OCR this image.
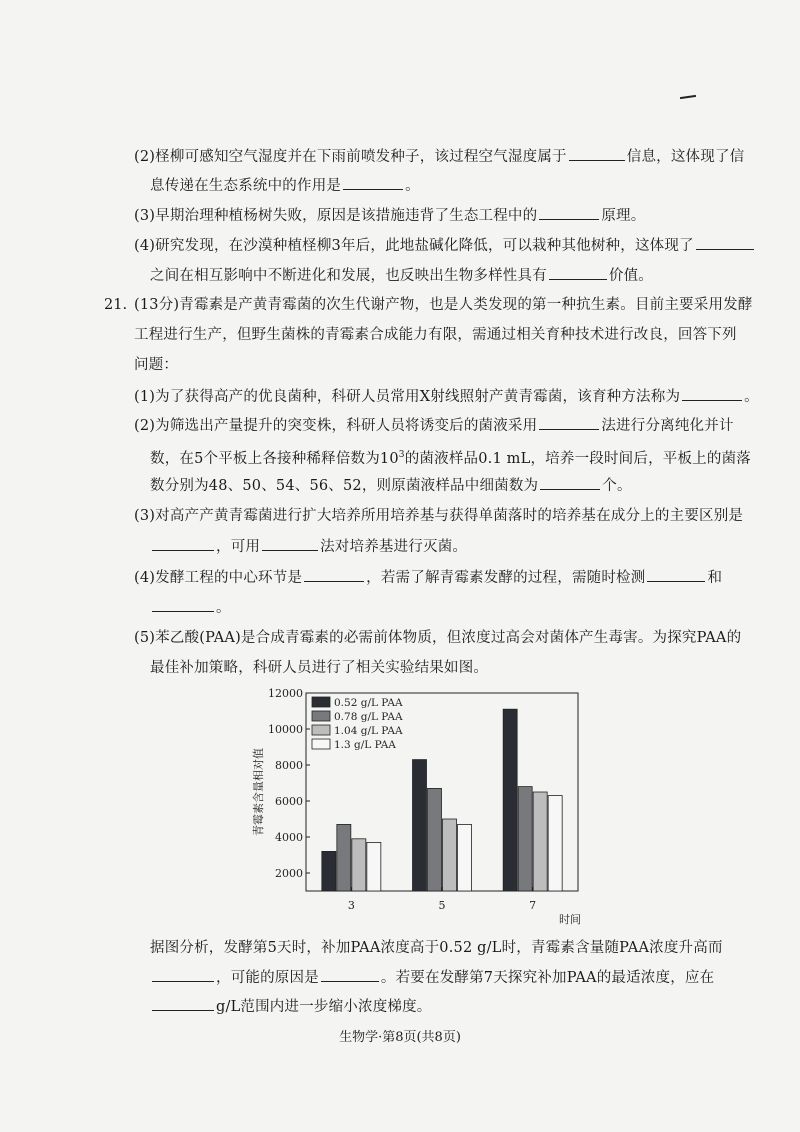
(2)柽柳可感知空气湿度并在下雨前喷发种子，该过程空气湿度属于	信息，这体现了信
息传递在生态系统中的作用是	。
(3)早期治理种植杨树失败，原因是该措施违背了生态工程中的	原理。
(4)研究发现，在沙漠种植柽柳3年后，此地盐碱化降低，可以栽种其他树种，这体现了
之间在相互影响中不断进化和发展，也反映出生物多样性具有	价值。
21. (13分)青霉素是产黄青霉菌的次生代谢产物，也是人类发现的第一种抗生素。目前主要采用发酵
工程进行生产，但野生菌株的青霉素合成能力有限，需通过相关育种技术进行改良，回答下列
问题：
(1)为了获得高产的优良菌种，科研人员常用X射线照射产黄青霉菌，该育种方法称为	。
(2)为筛选出产量提升的突变株，科研人员将诱变后的菌液采用	法进行分离纯化并计
数，在5个平板上各接种稀释倍数为$10^3$的菌液样品0.1 mL，培养一段时间后，平板上的菌落
数分别为48、50、54、56、52，则原菌液样品中细菌数为	个。
(3)对高产产黄青霉菌进行扩大培养所用培养基与获得单菌落时的培养基在成分上的主要区别是
，可用	法对培养基进行灭菌。
(4)发酵工程的中心环节是	，若需了解青霉素发酵的过程，需随时检测	和
。
(5)苯乙酸(PAA)是合成青霉素的必需前体物质，但浓度过高会对菌体产生毒害。为探究PAA的
最佳补加策略，科研人员进行了相关实验结果如图。
2000
4000
6000
8000
10000
12000
青霉素含量相对值
3	5	7
时间
0.52 g/L PAA
0.78 g/L PAA
1.04 g/L PAA
1.3 g/L PAA
据图分析，发酵第5天时，补加PAA浓度高于0.52 g/L时，青霉素含量随PAA浓度升高而
，可能的原因是	。若要在发酵第7天探究补加PAA的最适浓度，应在
g/L范围内进一步缩小浓度梯度。
生物学·第8页(共8页)
